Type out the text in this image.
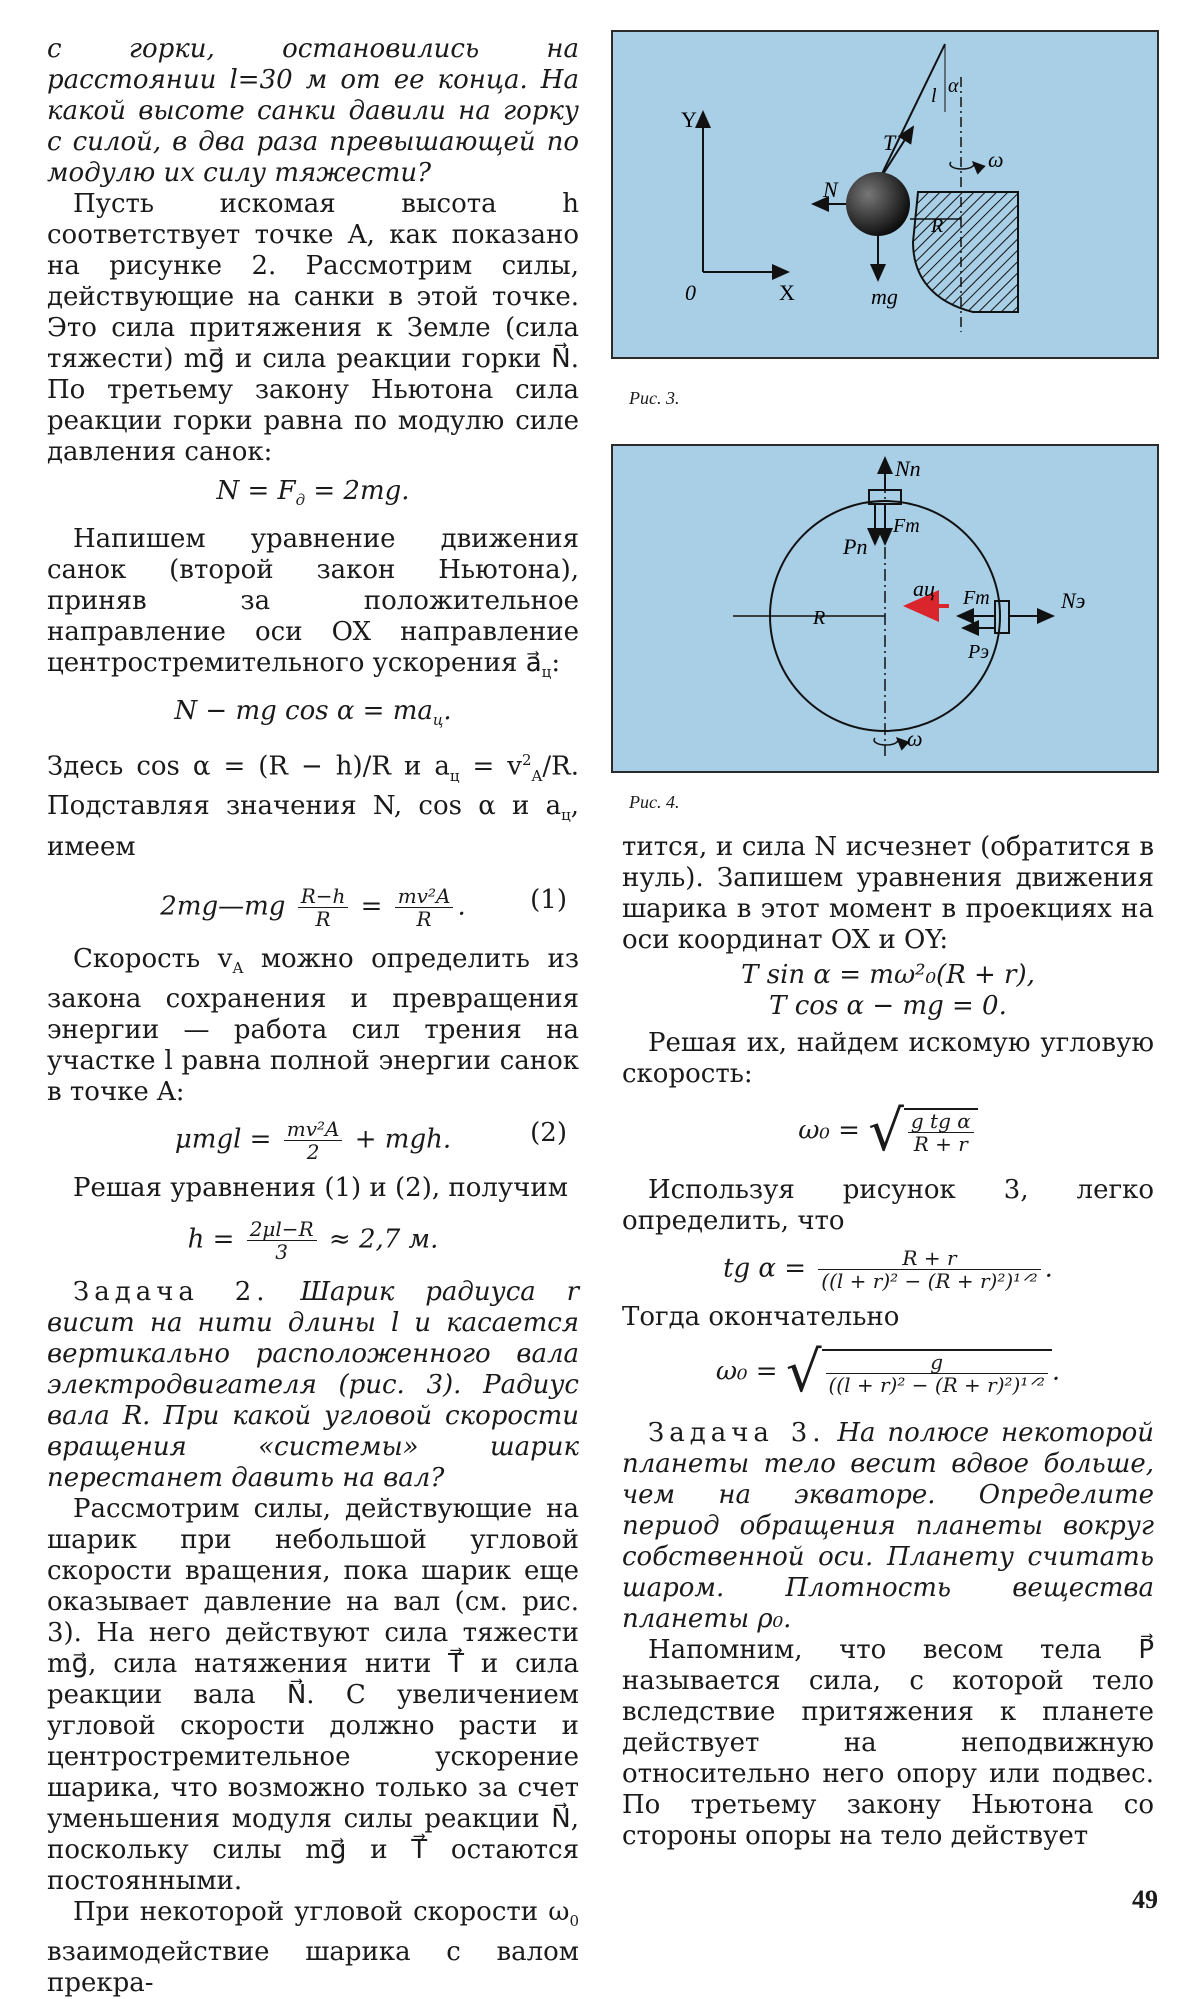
с горки, остановились на расстоянии l=30 м от ее конца. На какой высоте санки давили на горку с силой, в два раза превышающей по модулю их силу тяжести?

Пусть искомая высота h соответствует точке A, как показано на рисунке 2. Рассмотрим силы, действующие на санки в этой точке. Это сила притяжения к Земле (сила тяжести) mg⃗ и сила реакции горки N⃗. По третьему закону Ньютона сила реакции горки равна по модулю силе давления санок:

$N = F_д = 2mg$.

Напишем уравнение движения санок (второй закон Ньютона), приняв за положительное направление оси OX направление центростремительного ускорения $a⃗_ц$:

N − mg $\cos \alpha = ma_ц$.

Здесь cos α = (R − h)/R и $a_ц = v^2_A/R$. Подставляя значения N, cos α и $a_ц$, имеем

2mg—mg $\frac{R-h}{R} = \frac{\text{mv²A}}{R}$ . (1)

Скорость $v_A$ можно определить из закона сохранения и превращения энергии — работа сил трения на участке l равна полной энергии санок в точке A:

$\mu mgl = \frac{\text{mv²A}}{2}$ + mgh.	(2)

Решая уравнения (1) и (2), получим

$h = \frac{2\mu l-R}{3} \approx 2,7$ м.

Задача 2. Шарик радиуса r висит на нити длины l и касается вертикально расположенного вала электродвигателя (рис. 3). Радиус вала R. При какой угловой скорости вращения «системы» шарик перестанет давить на вал?

Рассмотрим силы, действующие на шарик при небольшой угловой скорости вращения, пока шарик еще оказывает давление на вал (см. рис. 3). На него действуют сила тяжести mg⃗, сила натяжения нити T⃗ и сила реакции вала N⃗. С увеличением угловой скорости должно расти и центростремительное ускорение шарика, что возможно только за счет уменьшения модуля силы реакции N⃗, поскольку силы mg⃗ и T⃗ остаются постоянными.

При некоторой угловой скорости $\omega_0$ взаимодействие шарика с валом прекра-

Y
X
0
l α
T
ω
N
R
mg
Рис. 3.
R
Nп
Pп
Fт
Nэ
Fт
Pэ
aц
ω
Рис. 4.

тится, и сила N исчезнет (обратится в нуль). Запишем уравнения движения шарика в этот момент в проекциях на оси координат OX и OY:

T sin α = mω²₀(R + r),
T cos α − mg = 0.

Решая их, найдем искомую угловую скорость:

ω₀ = √ $\frac{\text{g tg α}}{R + r}$

Используя рисунок 3, легко определить, что

tg $\alpha = \frac{R + r}{\text{((l + r)² − (R + r)²)¹ᐟ²}}$ .

Тогда окончательно

ω₀ = √ $\frac{g}{\text{((l + r)² − (R + r)²)¹ᐟ²}}$ .

Задача 3. На полюсе некоторой планеты тело весит вдвое больше, чем на экваторе. Определите период обращения планеты вокруг собственной оси. Планету считать шаром. Плотность вещества планеты ρ₀.

Напомним, что весом тела P⃗ называется сила, с которой тело вследствие притяжения к планете действует на неподвижную относительно него опору или подвес. По третьему закону Ньютона со стороны опоры на тело действует

49
